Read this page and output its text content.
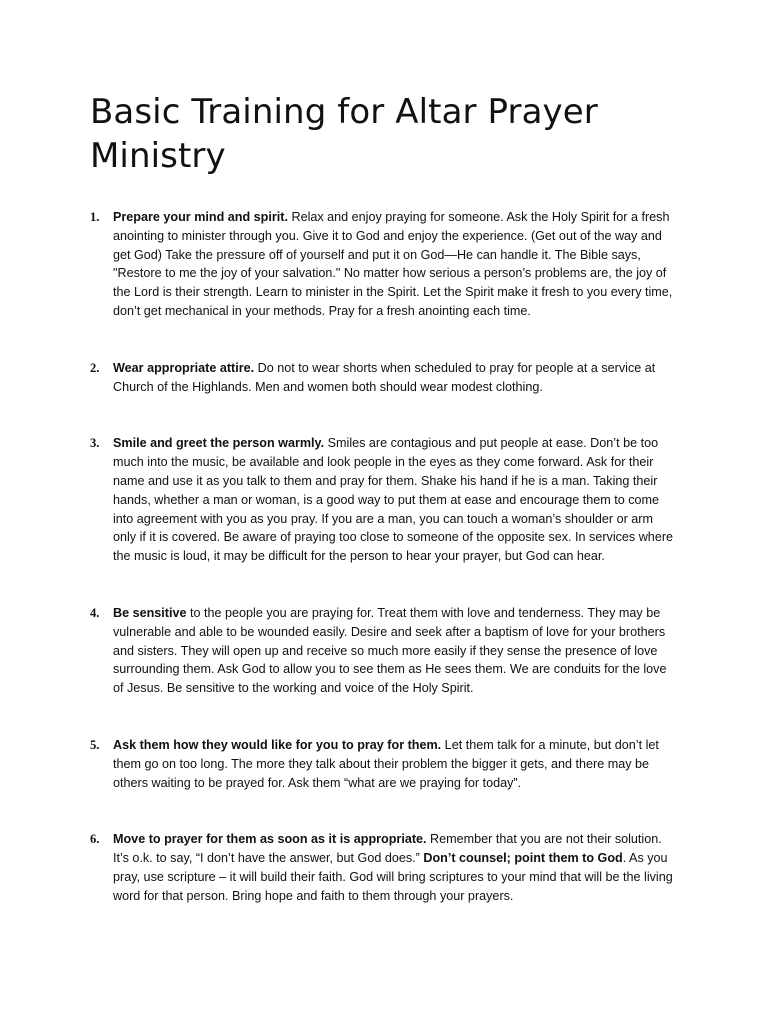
Basic Training for Altar Prayer Ministry
1. Prepare your mind and spirit. Relax and enjoy praying for someone. Ask the Holy Spirit for a fresh anointing to minister through you. Give it to God and enjoy the experience. (Get out of the way and get God) Take the pressure off of yourself and put it on God—He can handle it. The Bible says, "Restore to me the joy of your salvation." No matter how serious a person’s problems are, the joy of the Lord is their strength. Learn to minister in the Spirit. Let the Spirit make it fresh to you every time, don’t get mechanical in your methods. Pray for a fresh anointing each time.
2. Wear appropriate attire. Do not to wear shorts when scheduled to pray for people at a service at Church of the Highlands. Men and women both should wear modest clothing.
3. Smile and greet the person warmly. Smiles are contagious and put people at ease. Don’t be too much into the music, be available and look people in the eyes as they come forward. Ask for their name and use it as you talk to them and pray for them. Shake his hand if he is a man. Taking their hands, whether a man or woman, is a good way to put them at ease and encourage them to come into agreement with you as you pray. If you are a man, you can touch a woman’s shoulder or arm only if it is covered. Be aware of praying too close to someone of the opposite sex. In services where the music is loud, it may be difficult for the person to hear your prayer, but God can hear.
4. Be sensitive to the people you are praying for. Treat them with love and tenderness. They may be vulnerable and able to be wounded easily. Desire and seek after a baptism of love for your brothers and sisters. They will open up and receive so much more easily if they sense the presence of love surrounding them. Ask God to allow you to see them as He sees them. We are conduits for the love of Jesus. Be sensitive to the working and voice of the Holy Spirit.
5. Ask them how they would like for you to pray for them. Let them talk for a minute, but don’t let them go on too long. The more they talk about their problem the bigger it gets, and there may be others waiting to be prayed for. Ask them “what are we praying for today”.
6. Move to prayer for them as soon as it is appropriate. Remember that you are not their solution. It’s o.k. to say, “I don’t have the answer, but God does.” Don’t counsel; point them to God. As you pray, use scripture – it will build their faith. God will bring scriptures to your mind that will be the living word for that person. Bring hope and faith to them through your prayers.
